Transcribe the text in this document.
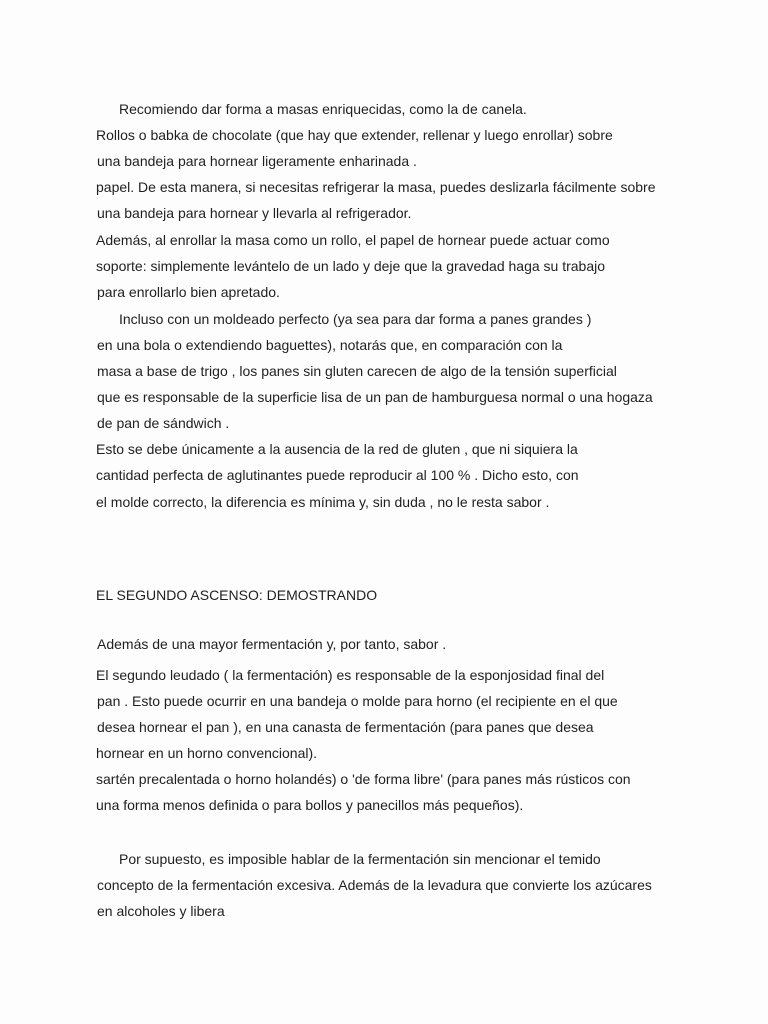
Recomiendo dar forma a masas enriquecidas, como la de canela.
Rollos o babka de chocolate (que hay que extender, rellenar y luego enrollar) sobre
una bandeja para hornear ligeramente enharinada .
papel. De esta manera, si necesitas refrigerar la masa, puedes deslizarla fácilmente sobre
una bandeja para hornear y llevarla al refrigerador.
Además, al enrollar la masa como un rollo, el papel de hornear puede actuar como
soporte: simplemente levántelo de un lado y deje que la gravedad haga su trabajo
para enrollarlo bien apretado.
Incluso con un moldeado perfecto (ya sea para dar forma a panes grandes )
en una bola o extendiendo baguettes), notarás que, en comparación con la
masa a base de trigo , los panes sin gluten carecen de algo de la tensión superficial
que es responsable de la superficie lisa de un pan de hamburguesa normal o una hogaza
de pan de sándwich .
Esto se debe únicamente a la ausencia de la red de gluten , que ni siquiera la
cantidad perfecta de aglutinantes puede reproducir al 100 % . Dicho esto, con
el molde correcto, la diferencia es mínima y, sin duda , no le resta sabor .
EL SEGUNDO ASCENSO: DEMOSTRANDO
Además de una mayor fermentación y, por tanto, sabor .
El segundo leudado ( la fermentación) es responsable de la esponjosidad final del
pan . Esto puede ocurrir en una bandeja o molde para horno (el recipiente en el que
desea hornear el pan ), en una canasta de fermentación (para panes que desea
hornear en un horno convencional).
sartén precalentada o horno holandés) o 'de forma libre' (para panes más rústicos con
una forma menos definida o para bollos y panecillos más pequeños).
Por supuesto, es imposible hablar de la fermentación sin mencionar el temido
concepto de la fermentación excesiva. Además de la levadura que convierte los azúcares
en alcoholes y libera
